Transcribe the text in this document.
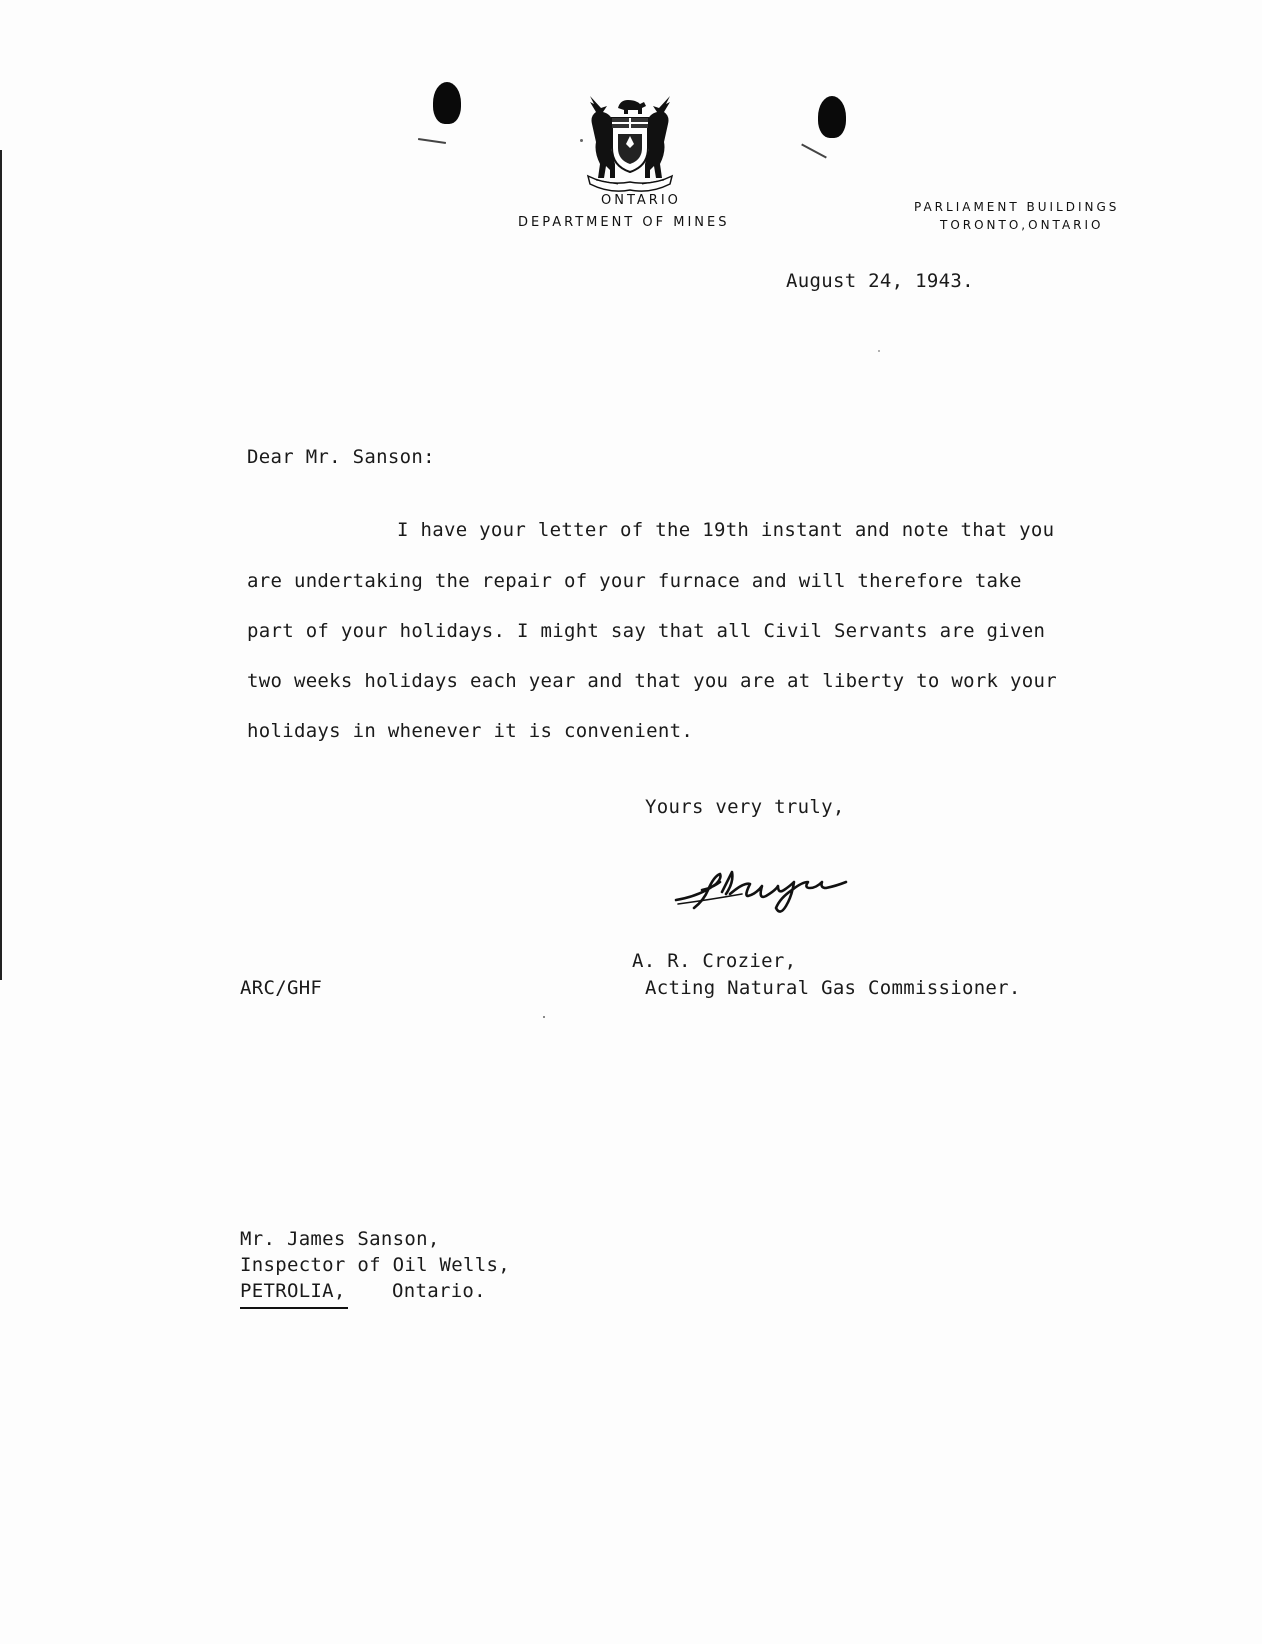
ONTARIO
DEPARTMENT OF MINES
PARLIAMENT BUILDINGS
TORONTO,ONTARIO
August 24, 1943.
Dear Mr. Sanson:
I have your letter of the 19th instant and note that you
are undertaking the repair of your furnace and will therefore take
part of your holidays. I might say that all Civil Servants are given
two weeks holidays each year and that you are at liberty to work your
holidays in whenever it is convenient.
Yours very truly,
A. R. Crozier,
Acting Natural Gas Commissioner.
ARC/GHF
Mr. James Sanson,
Inspector of Oil Wells,
PETROLIA, Ontario.
